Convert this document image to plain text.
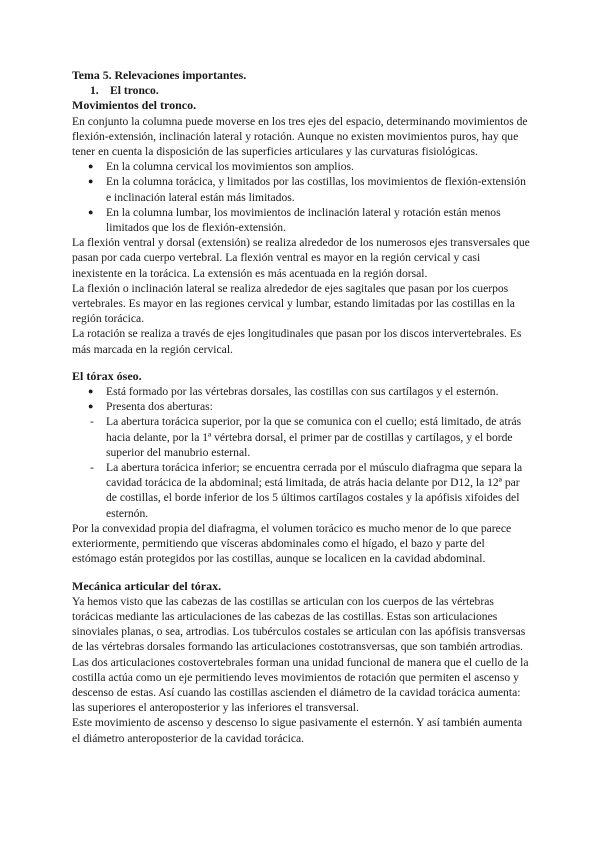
Tema 5. Relevaciones importantes.
1. El tronco.
Movimientos del tronco.

En conjunto la columna puede moverse en los tres ejes del espacio, determinando movimientos de flexión-extensión, inclinación lateral y rotación. Aunque no existen movimientos puros, hay que tener en cuenta la disposición de las superficies articulares y las curvaturas fisiológicas.

● En la columna cervical los movimientos son amplios.
● En la columna torácica, y limitados por las costillas, los movimientos de flexión-extensión e inclinación lateral están más limitados.
● En la columna lumbar, los movimientos de inclinación lateral y rotación están menos limitados que los de flexión-extensión.

La flexión ventral y dorsal (extensión) se realiza alrededor de los numerosos ejes transversales que pasan por cada cuerpo vertebral. La flexión ventral es mayor en la región cervical y casi inexistente en la torácica. La extensión es más acentuada en la región dorsal.

La flexión o inclinación lateral se realiza alrededor de ejes sagitales que pasan por los cuerpos vertebrales. Es mayor en las regiones cervical y lumbar, estando limitadas por las costillas en la región torácica.

La rotación se realiza a través de ejes longitudinales que pasan por los discos intervertebrales. Es más marcada en la región cervical.

El tórax óseo.
● Está formado por las vértebras dorsales, las costillas con sus cartílagos y el esternón.
● Presenta dos aberturas:
- La abertura torácica superior, por la que se comunica con el cuello; está limitado, de atrás hacia delante, por la 1ª vértebra dorsal, el primer par de costillas y cartílagos, y el borde superior del manubrio esternal.
- La abertura torácica inferior; se encuentra cerrada por el músculo diafragma que separa la cavidad torácica de la abdominal; está limitada, de atrás hacia delante por D12, la 12ª par de costillas, el borde inferior de los 5 últimos cartílagos costales y la apófisis xifoides del esternón.

Por la convexidad propia del diafragma, el volumen torácico es mucho menor de lo que parece exteriormente, permitiendo que vísceras abdominales como el hígado, el bazo y parte del estómago están protegidos por las costillas, aunque se localicen en la cavidad abdominal.

Mecánica articular del tórax.

Ya hemos visto que las cabezas de las costillas se articulan con los cuerpos de las vértebras torácicas mediante las articulaciones de las cabezas de las costillas. Estas son articulaciones sinoviales planas, o sea, artrodias. Los tubérculos costales se articulan con las apófisis transversas de las vértebras dorsales formando las articulaciones costotransversas, que son también artrodias.

Las dos articulaciones costovertebrales forman una unidad funcional de manera que el cuello de la costilla actúa como un eje permitiendo leves movimientos de rotación que permiten el ascenso y descenso de estas. Así cuando las costillas ascienden el diámetro de la cavidad torácica aumenta: las superiores el anteroposterior y las inferiores el transversal.

Este movimiento de ascenso y descenso lo sigue pasivamente el esternón. Y así también aumenta el diámetro anteroposterior de la cavidad torácica.
